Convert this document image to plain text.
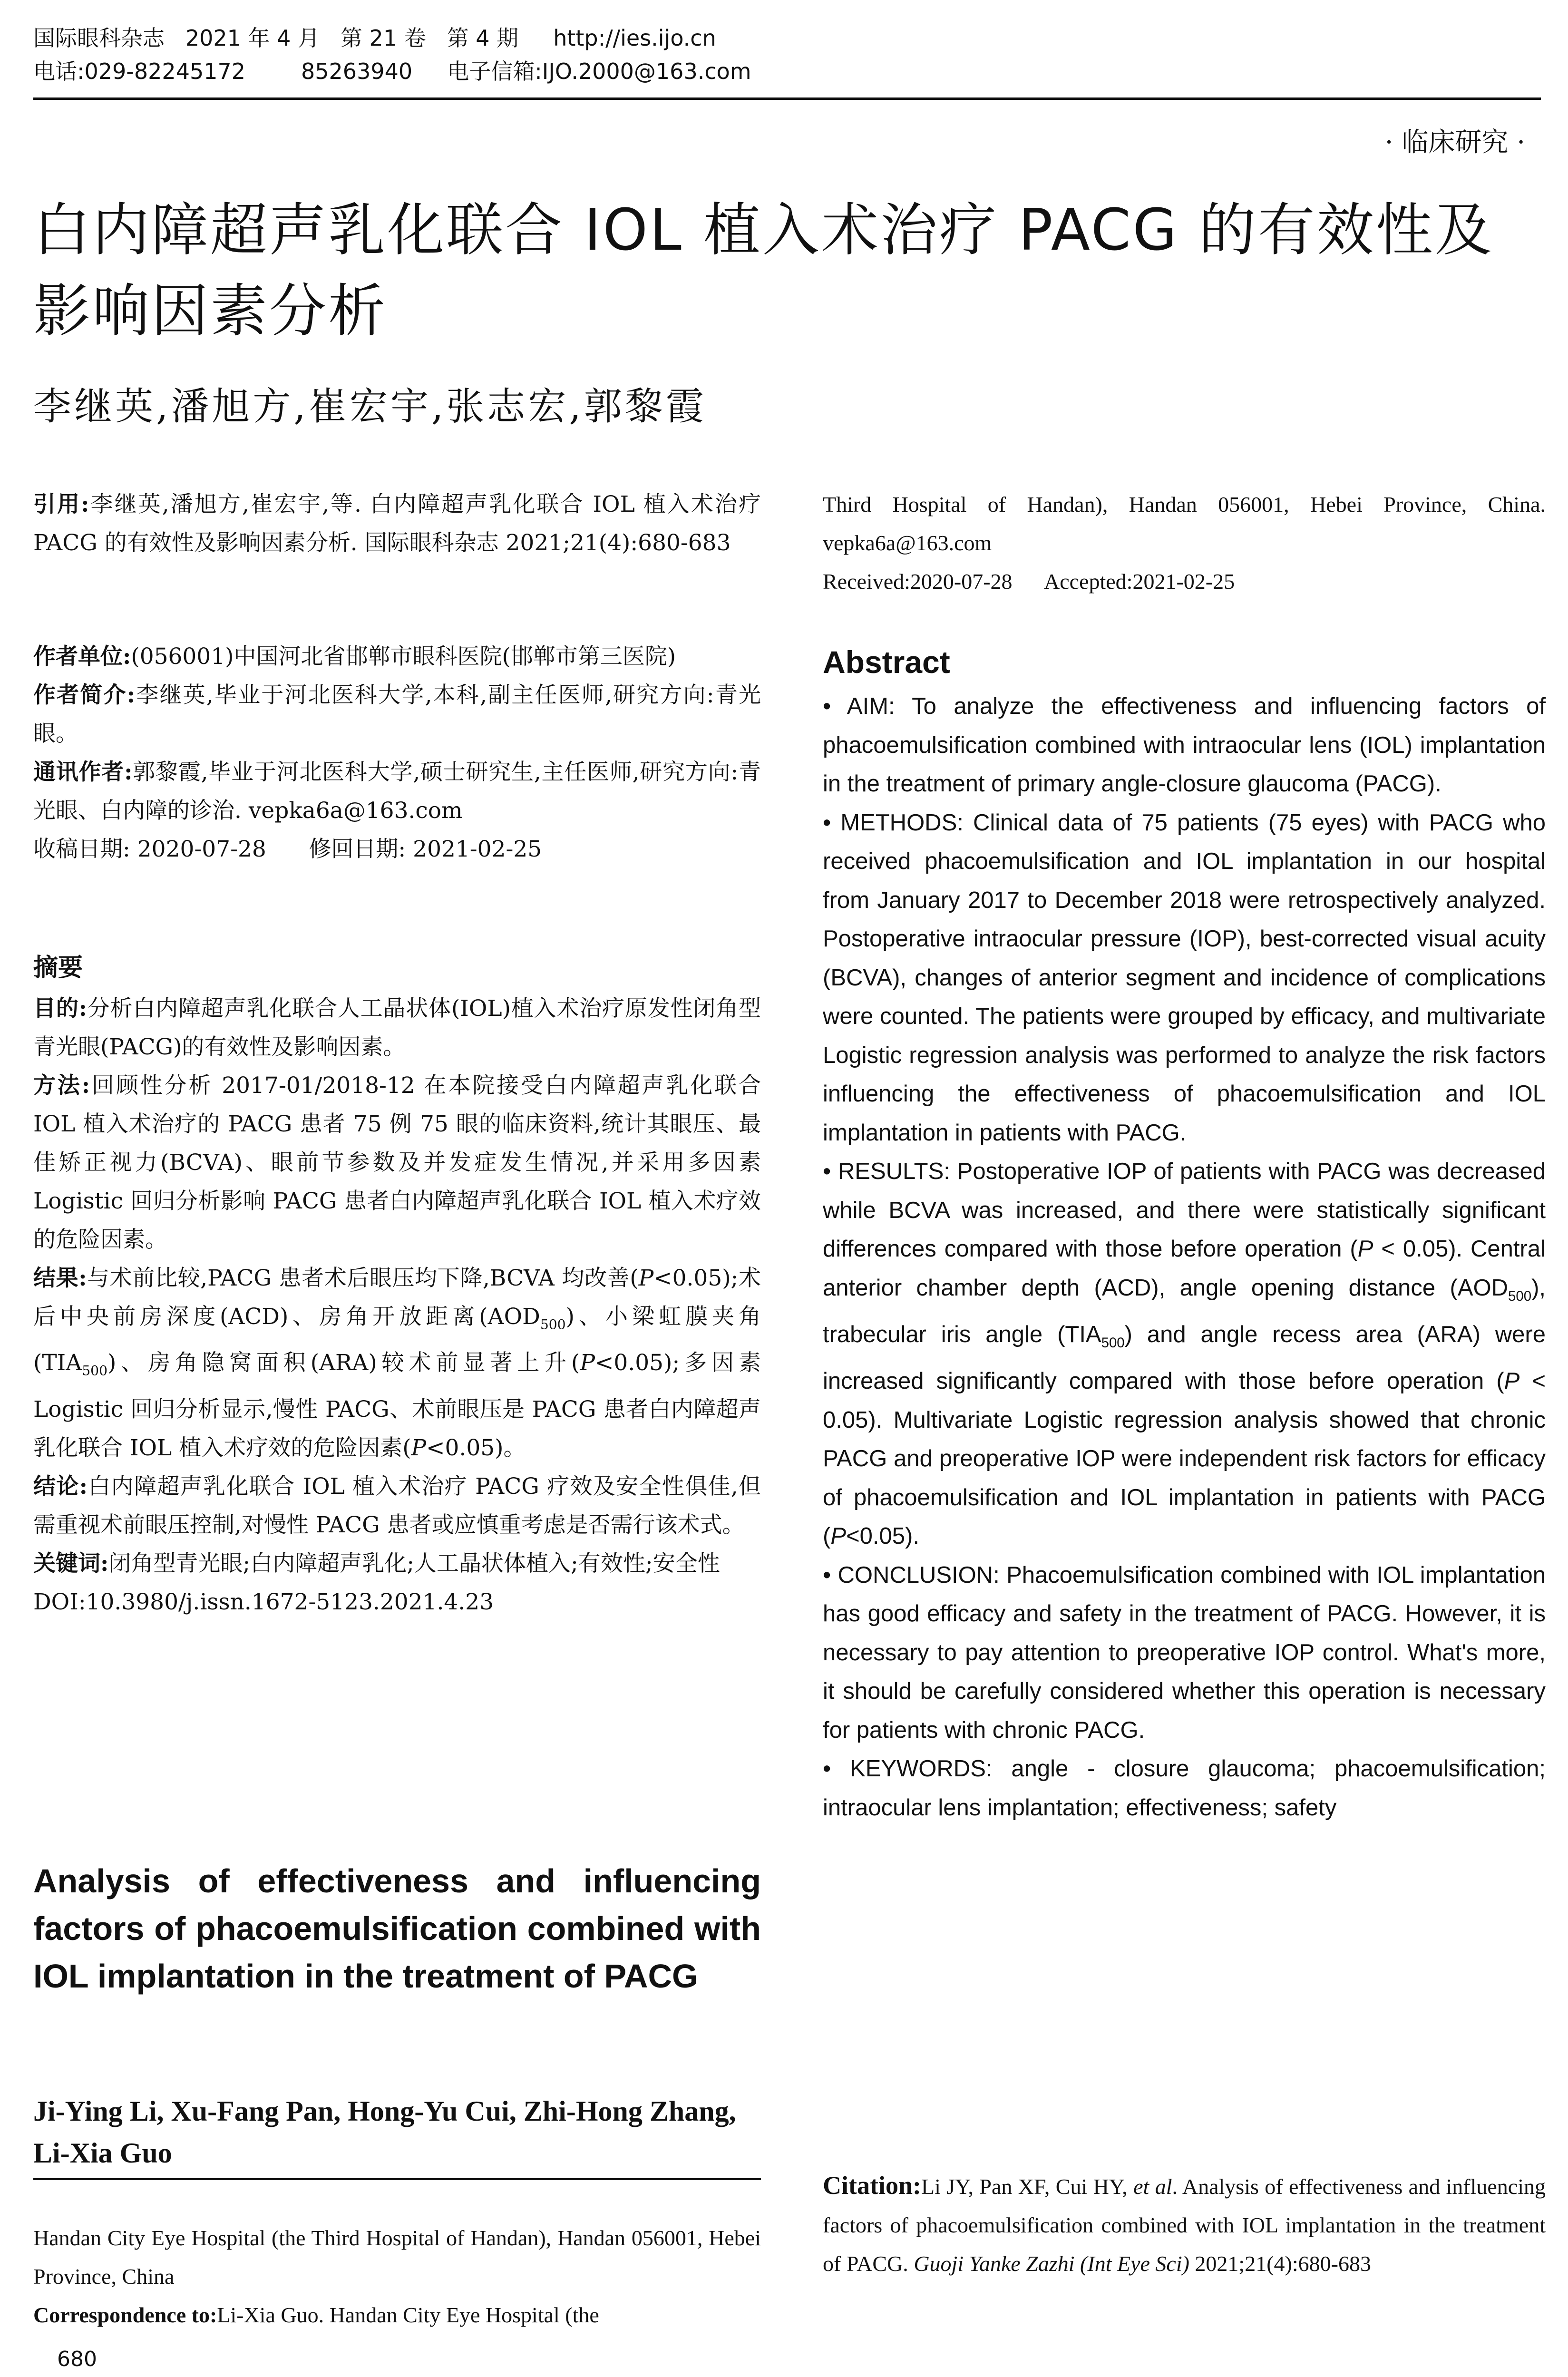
国际眼科杂志   2021 年 4 月   第 21 卷   第 4 期     http://ies.ijo.cn
电话:029-82245172        85263940     电子信箱:IJO.2000@163.com
· 临床研究 ·
白内障超声乳化联合 IOL 植入术治疗 PACG 的有效性及影响因素分析
李继英,潘旭方,崔宏宇,张志宏,郭黎霞
引用:李继英,潘旭方,崔宏宇,等. 白内障超声乳化联合 IOL 植入术治疗 PACG 的有效性及影响因素分析. 国际眼科杂志 2021;21(4):680-683
作者单位:(056001)中国河北省邯郸市眼科医院(邯郸市第三医院)
作者简介:李继英,毕业于河北医科大学,本科,副主任医师,研究方向:青光眼。
通讯作者:郭黎霞,毕业于河北医科大学,硕士研究生,主任医师,研究方向:青光眼、白内障的诊治. vepka6a@163.com
收稿日期: 2020-07-28      修回日期: 2021-02-25
摘要
目的:分析白内障超声乳化联合人工晶状体(IOL)植入术治疗原发性闭角型青光眼(PACG)的有效性及影响因素。
方法:回顾性分析 2017-01/2018-12 在本院接受白内障超声乳化联合 IOL 植入术治疗的 PACG 患者 75 例 75 眼的临床资料,统计其眼压、最佳矫正视力(BCVA)、眼前节参数及并发症发生情况,并采用多因素 Logistic 回归分析影响 PACG 患者白内障超声乳化联合 IOL 植入术疗效的危险因素。
结果:与术前比较,PACG 患者术后眼压均下降,BCVA 均改善(P<0.05);术后中央前房深度(ACD)、房角开放距离$(AOD_{500})$、小梁虹膜夹角$(TIA_{500})$、房角隐窝面积(ARA)较术前显著上升(P<0.05);多因素 Logistic 回归分析显示,慢性 PACG、术前眼压是 PACG 患者白内障超声乳化联合 IOL 植入术疗效的危险因素(P<0.05)。
结论:白内障超声乳化联合 IOL 植入术治疗 PACG 疗效及安全性俱佳,但需重视术前眼压控制,对慢性 PACG 患者或应慎重考虑是否需行该术式。
关键词:闭角型青光眼;白内障超声乳化;人工晶状体植入;有效性;安全性
DOI:10.3980/j.issn.1672-5123.2021.4.23
Analysis of effectiveness and influencing factors of phacoemulsification combined with IOL implantation in the treatment of PACG
Ji-Ying Li, Xu-Fang Pan, Hong-Yu Cui, Zhi-Hong Zhang, Li-Xia Guo
Handan City Eye Hospital (the Third Hospital of Handan), Handan 056001, Hebei Province, China
Correspondence to:Li-Xia Guo. Handan City Eye Hospital (the
680
Third Hospital of Handan), Handan 056001, Hebei Province, China. vepka6a@163.com
Received:2020-07-28      Accepted:2021-02-25
Abstract
• AIM: To analyze the effectiveness and influencing factors of phacoemulsification combined with intraocular lens (IOL) implantation in the treatment of primary angle-closure glaucoma (PACG).
• METHODS: Clinical data of 75 patients (75 eyes) with PACG who received phacoemulsification and IOL implantation in our hospital from January 2017 to December 2018 were retrospectively analyzed. Postoperative intraocular pressure (IOP), best-corrected visual acuity (BCVA), changes of anterior segment and incidence of complications were counted. The patients were grouped by efficacy, and multivariate Logistic regression analysis was performed to analyze the risk factors influencing the effectiveness of phacoemulsification and IOL implantation in patients with PACG.
• RESULTS: Postoperative IOP of patients with PACG was decreased while BCVA was increased, and there were statistically significant differences compared with those before operation (P < 0.05). Central anterior chamber depth (ACD), angle opening distance $(AOD_{500})$, trabecular iris angle $(TIA_{500})$ and angle recess area (ARA) were increased significantly compared with those before operation (P < 0.05). Multivariate Logistic regression analysis showed that chronic PACG and preoperative IOP were independent risk factors for efficacy of phacoemulsification and IOL implantation in patients with PACG (P<0.05).
• CONCLUSION: Phacoemulsification combined with IOL implantation has good efficacy and safety in the treatment of PACG. However, it is necessary to pay attention to preoperative IOP control. What's more, it should be carefully considered whether this operation is necessary for patients with chronic PACG.
• KEYWORDS: angle - closure glaucoma; phacoemulsification; intraocular lens implantation; effectiveness; safety
Citation:Li JY, Pan XF, Cui HY, et al. Analysis of effectiveness and influencing factors of phacoemulsification combined with IOL implantation in the treatment of PACG. Guoji Yanke Zazhi (Int Eye Sci) 2021;21(4):680-683
